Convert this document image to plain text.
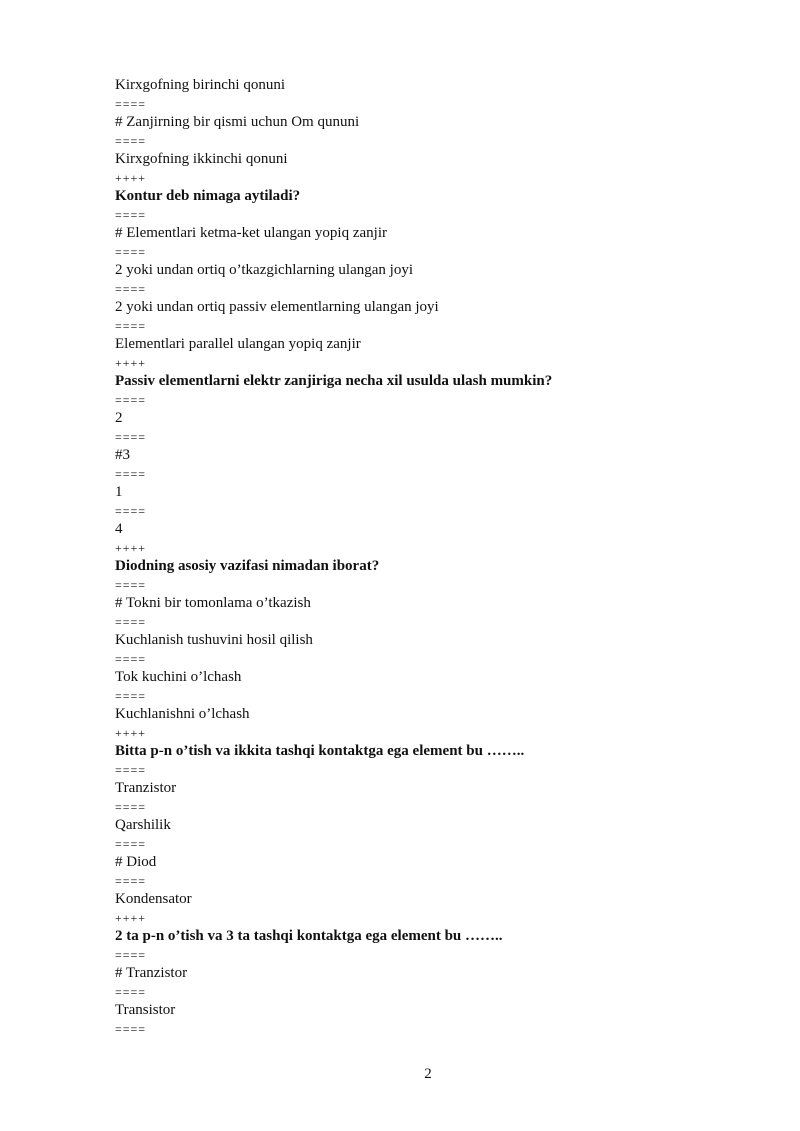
Kirxgofning birinchi qonuni
====
# Zanjirning bir qismi uchun Om qununi
====
Kirxgofning ikkinchi qonuni
++++
Kontur deb nimaga aytiladi?
====
# Elementlari ketma-ket ulangan yopiq zanjir
====
2 yoki undan ortiq o’tkazgichlarning ulangan joyi
====
2 yoki undan ortiq passiv elementlarning ulangan joyi
====
Elementlari parallel ulangan yopiq zanjir
++++
Passiv elementlarni elektr zanjiriga necha xil usulda ulash mumkin?
====
2
====
#3
====
1
====
4
++++
Diodning asosiy vazifasi nimadan iborat?
====
# Tokni bir tomonlama o’tkazish
====
Kuchlanish tushuvini hosil qilish
====
Tok kuchini o’lchash
====
Kuchlanishni o’lchash
++++
Bitta p-n o’tish va ikkita tashqi kontaktga ega element bu ……..
====
Tranzistor
====
Qarshilik
====
# Diod
====
Kondensator
++++
2 ta p-n o’tish va 3 ta tashqi kontaktga ega element bu ……..
====
# Tranzistor
====
Transistor
====
2
